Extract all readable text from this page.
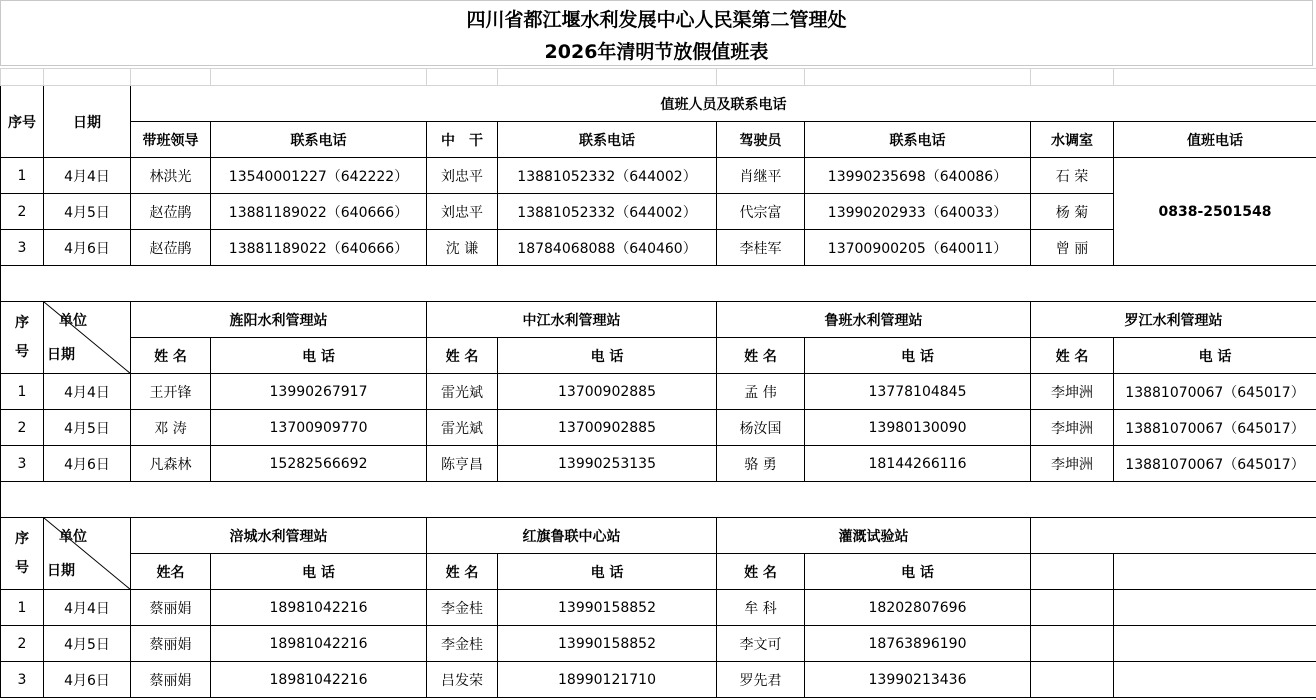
四川省都江堰水利发展中心人民渠第二管理处
2026年清明节放假值班表

序号	日期	值班人员及联系电话							
		带班领导	联系电话	中　干	联系电话	驾驶员	联系电话	水调室	值班电话
1	4月4日	林洪光	13540001227（642222）	刘忠平	13881052332（644002）	肖继平	13990235698（640086）	石 荣	0838-2501548
2	4月5日	赵莅鹃	13881189022（640666）	刘忠平	13881052332（644002）	代宗富	13990202933（640033）	杨 菊	
3	4月6日	赵莅鹃	13881189022（640666）	沈 谦	18784068088（640460）	李桂军	13700900205（640011）	曾 丽	

序
号	单位
日期	旌阳水利管理站		中江水利管理站		鲁班水利管理站		罗江水利管理站	
		姓 名	电 话	姓 名	电 话	姓 名	电 话	姓 名	电 话
1	4月4日	王开锋	13990267917	雷光斌	13700902885	孟 伟	13778104845	李坤洲	13881070067（645017）
2	4月5日	邓 涛	13700909770	雷光斌	13700902885	杨汝国	13980130090	李坤洲	13881070067（645017）
3	4月6日	凡森林	15282566692	陈亨昌	13990253135	骆 勇	18144266116	李坤洲	13881070067（645017）

序
号	单位
日期	涪城水利管理站		红旗鲁联中心站		灌溉试验站			
		姓名	电 话	姓 名	电 话	姓 名	电 话		
1	4月4日	蔡丽娟	18981042216	李金桂	13990158852	牟 科	18202807696		
2	4月5日	蔡丽娟	18981042216	李金桂	13990158852	李文可	18763896190		
3	4月6日	蔡丽娟	18981042216	吕发荣	18990121710	罗先君	13990213436		
